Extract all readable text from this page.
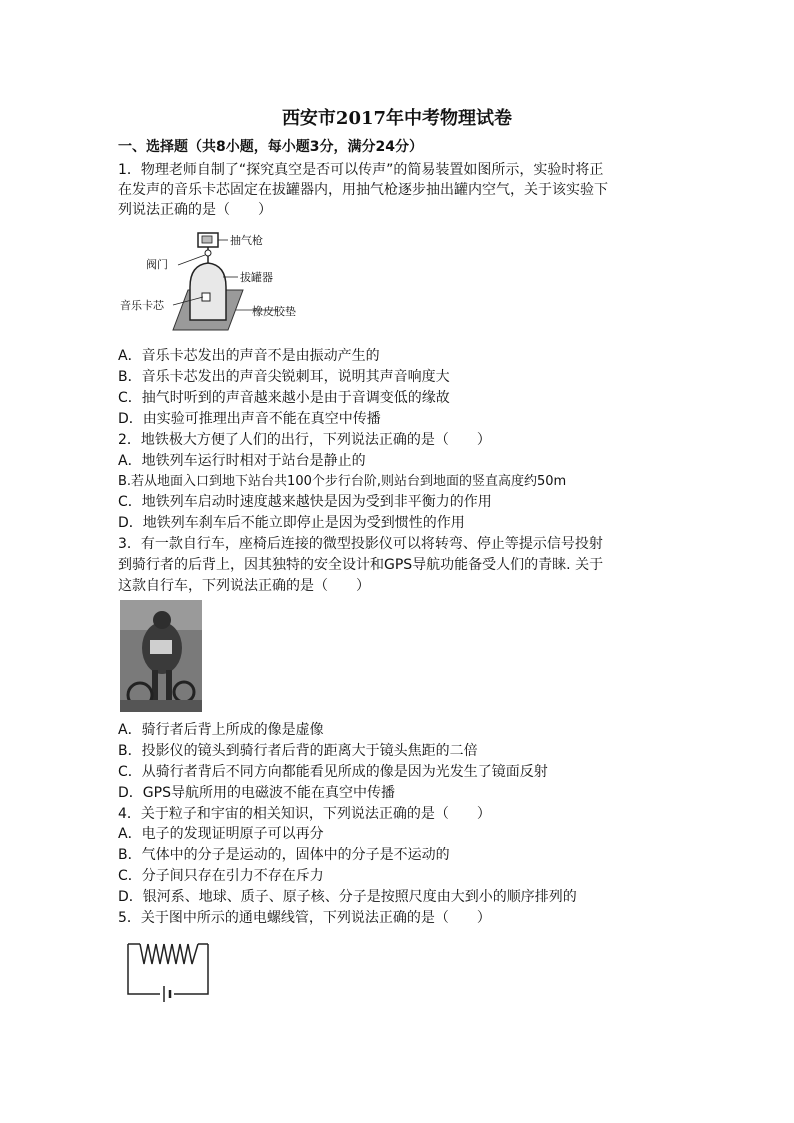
西安市2017年中考物理试卷
一、选择题（共8小题，每小题3分，满分24分）
1．物理老师自制了“探究真空是否可以传声”的简易装置如图所示，实验时将正
在发声的音乐卡芯固定在拔罐器内，用抽气枪逐步抽出罐内空气，关于该实验下
列说法正确的是（　　）
抽气枪
阀门
拔罐器
音乐卡芯	橡皮胶垫
A．音乐卡芯发出的声音不是由振动产生的
B．音乐卡芯发出的声音尖锐刺耳，说明其声音响度大
C．抽气时听到的声音越来越小是由于音调变低的缘故
D．由实验可推理出声音不能在真空中传播
2．地铁极大方便了人们的出行，下列说法正确的是（　　）
A．地铁列车运行时相对于站台是静止的
B.若从地面入口到地下站台共100个步行台阶,则站台到地面的竖直高度约50m
C．地铁列车启动时速度越来越快是因为受到非平衡力的作用
D．地铁列车刹车后不能立即停止是因为受到惯性的作用
3．有一款自行车，座椅后连接的微型投影仪可以将转弯、停止等提示信号投射
到骑行者的后背上，因其独特的安全设计和GPS导航功能备受人们的青睐. 关于
这款自行车，下列说法正确的是（　　）
A．骑行者后背上所成的像是虚像
B．投影仪的镜头到骑行者后背的距离大于镜头焦距的二倍
C．从骑行者背后不同方向都能看见所成的像是因为光发生了镜面反射
D．GPS导航所用的电磁波不能在真空中传播
4．关于粒子和宇宙的相关知识，下列说法正确的是（　　）
A．电子的发现证明原子可以再分
B．气体中的分子是运动的，固体中的分子是不运动的
C．分子间只存在引力不存在斥力
D．银河系、地球、质子、原子核、分子是按照尺度由大到小的顺序排列的
5．关于图中所示的通电螺线管，下列说法正确的是（　　）
